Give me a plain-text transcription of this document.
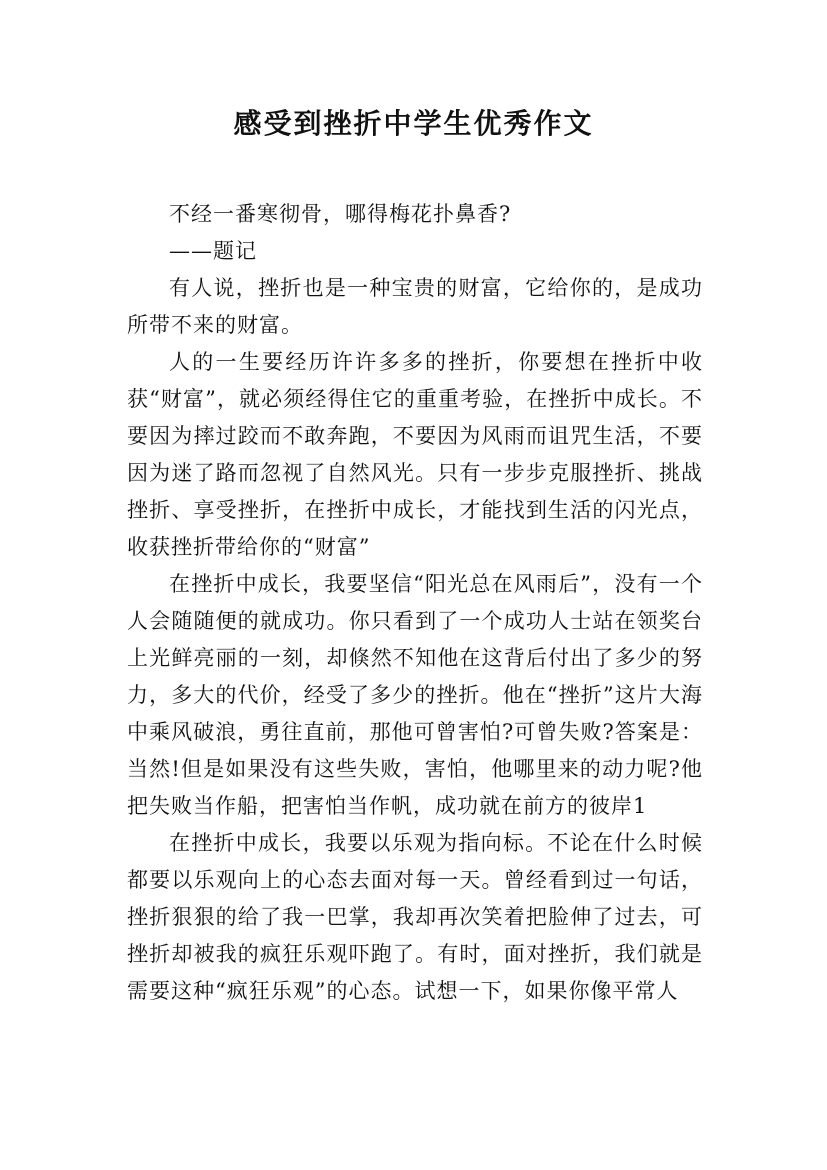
感受到挫折中学生优秀作文

不经一番寒彻骨，哪得梅花扑鼻香?

——题记

有人说，挫折也是一种宝贵的财富，它给你的，是成功所带不来的财富。

人的一生要经历许许多多的挫折，你要想在挫折中收获“财富”，就必须经得住它的重重考验，在挫折中成长。不要因为摔过跤而不敢奔跑，不要因为风雨而诅咒生活，不要因为迷了路而忽视了自然风光。只有一步步克服挫折、挑战挫折、享受挫折，在挫折中成长，才能找到生活的闪光点，收获挫折带给你的“财富”

在挫折中成长，我要坚信“阳光总在风雨后”，没有一个人会随随便的就成功。你只看到了一个成功人士站在领奖台上光鲜亮丽的一刻，却倏然不知他在这背后付出了多少的努力，多大的代价，经受了多少的挫折。他在“挫折”这片大海中乘风破浪，勇往直前，那他可曾害怕?可曾失败?答案是：当然!但是如果没有这些失败，害怕，他哪里来的动力呢?他把失败当作船，把害怕当作帆，成功就在前方的彼岸1

在挫折中成长，我要以乐观为指向标。不论在什么时候都要以乐观向上的心态去面对每一天。曾经看到过一句话，挫折狠狠的给了我一巴掌，我却再次笑着把脸伸了过去，可挫折却被我的疯狂乐观吓跑了。有时，面对挫折，我们就是需要这种“疯狂乐观”的心态。试想一下，如果你像平常人
